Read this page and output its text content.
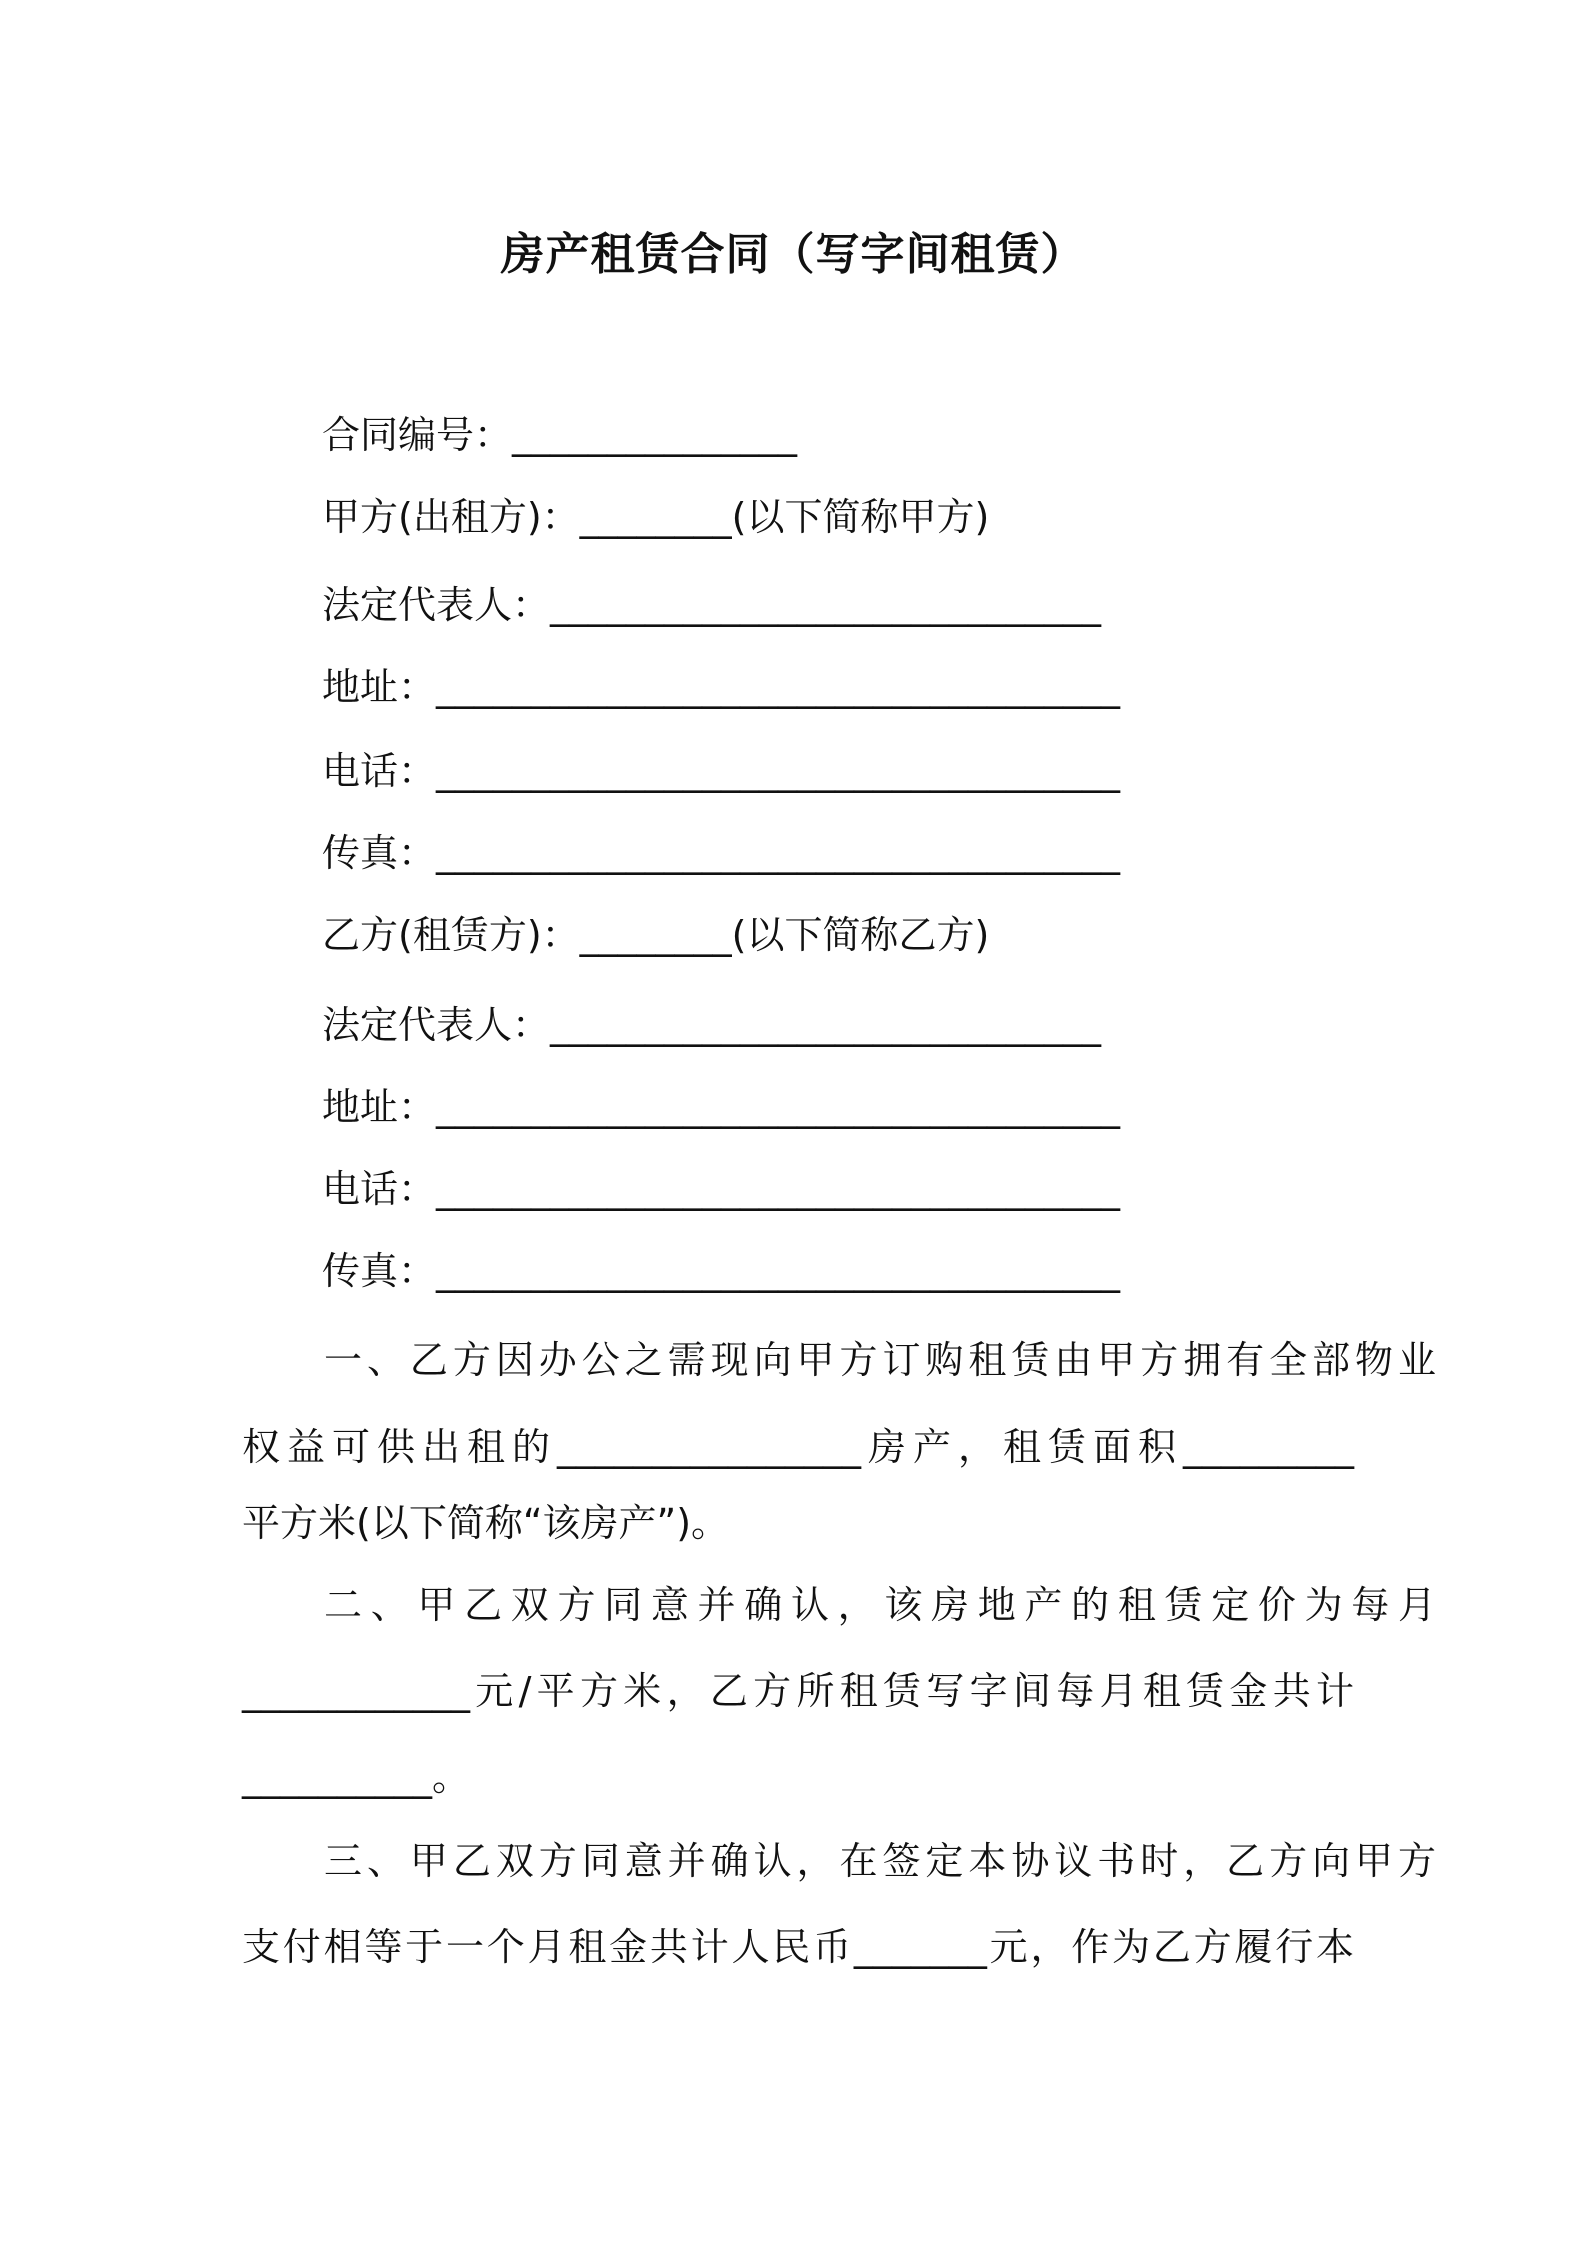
房产租赁合同（写字间租赁）
合同编号：_______________
甲方(出租方)：________(以下简称甲方)
法定代表人：_____________________________
地址：____________________________________
电话：____________________________________
传真：____________________________________
乙方(租赁方)：________(以下简称乙方)
法定代表人：_____________________________
地址：____________________________________
电话：____________________________________
传真：____________________________________
一、乙方因办公之需现向甲方订购租赁由甲方拥有全部物业
权益可供出租的________________房产，租赁面积_________
平方米(以下简称“该房产”)。
二、甲乙双方同意并确认，该房地产的租赁定价为每月
____________元/平方米，乙方所租赁写字间每月租赁金共计
__________。
三、甲乙双方同意并确认，在签定本协议书时，乙方向甲方
支付相等于一个月租金共计人民币_______元，作为乙方履行本
